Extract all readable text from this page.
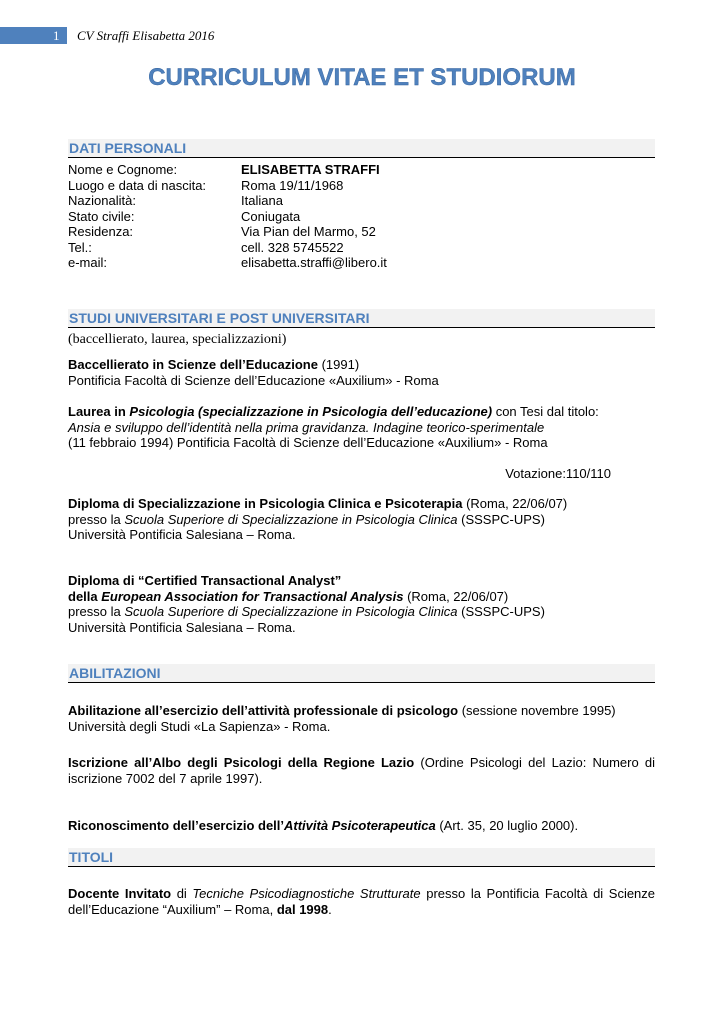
1	CV Straffi Elisabetta 2016
CURRICULUM VITAE ET STUDIORUM
DATI PERSONALI
Nome e Cognome:	ELISABETTA STRAFFI
Luogo e data di nascita:	Roma 19/11/1968
Nazionalità:	Italiana
Stato civile:	Coniugata
Residenza:	Via Pian del Marmo, 52
Tel.:	cell. 328 5745522
e-mail:	elisabetta.straffi@libero.it
STUDI UNIVERSITARI E POST UNIVERSITARI
(baccellierato, laurea, specializzazioni)
Baccellierato in Scienze dell’Educazione (1991)
Pontificia Facoltà di Scienze dell’Educazione «Auxilium» - Roma
Laurea in Psicologia (specializzazione in Psicologia dell’educazione) con Tesi dal titolo:
Ansia e sviluppo dell’identità nella prima gravidanza. Indagine teorico-sperimentale
(11 febbraio 1994) Pontificia Facoltà di Scienze dell’Educazione «Auxilium» - Roma
Votazione:110/110
Diploma di Specializzazione in Psicologia Clinica e Psicoterapia (Roma, 22/06/07)
presso la Scuola Superiore di Specializzazione in Psicologia Clinica (SSSPC-UPS)
Università Pontificia Salesiana – Roma.
Diploma di “Certified Transactional Analyst”
della European Association for Transactional Analysis (Roma, 22/06/07)
presso la Scuola Superiore di Specializzazione in Psicologia Clinica (SSSPC-UPS)
Università Pontificia Salesiana – Roma.
ABILITAZIONI
Abilitazione all’esercizio dell’attività professionale di psicologo (sessione novembre 1995)
Università degli Studi «La Sapienza» - Roma.
Iscrizione all’Albo degli Psicologi della Regione Lazio (Ordine Psicologi del Lazio: Numero di iscrizione 7002 del 7 aprile 1997).
Riconoscimento dell’esercizio dell’Attività Psicoterapeutica (Art. 35, 20 luglio 2000).
TITOLI
Docente Invitato di Tecniche Psicodiagnostiche Strutturate presso la Pontificia Facoltà di Scienze dell’Educazione “Auxilium” – Roma, dal 1998.
